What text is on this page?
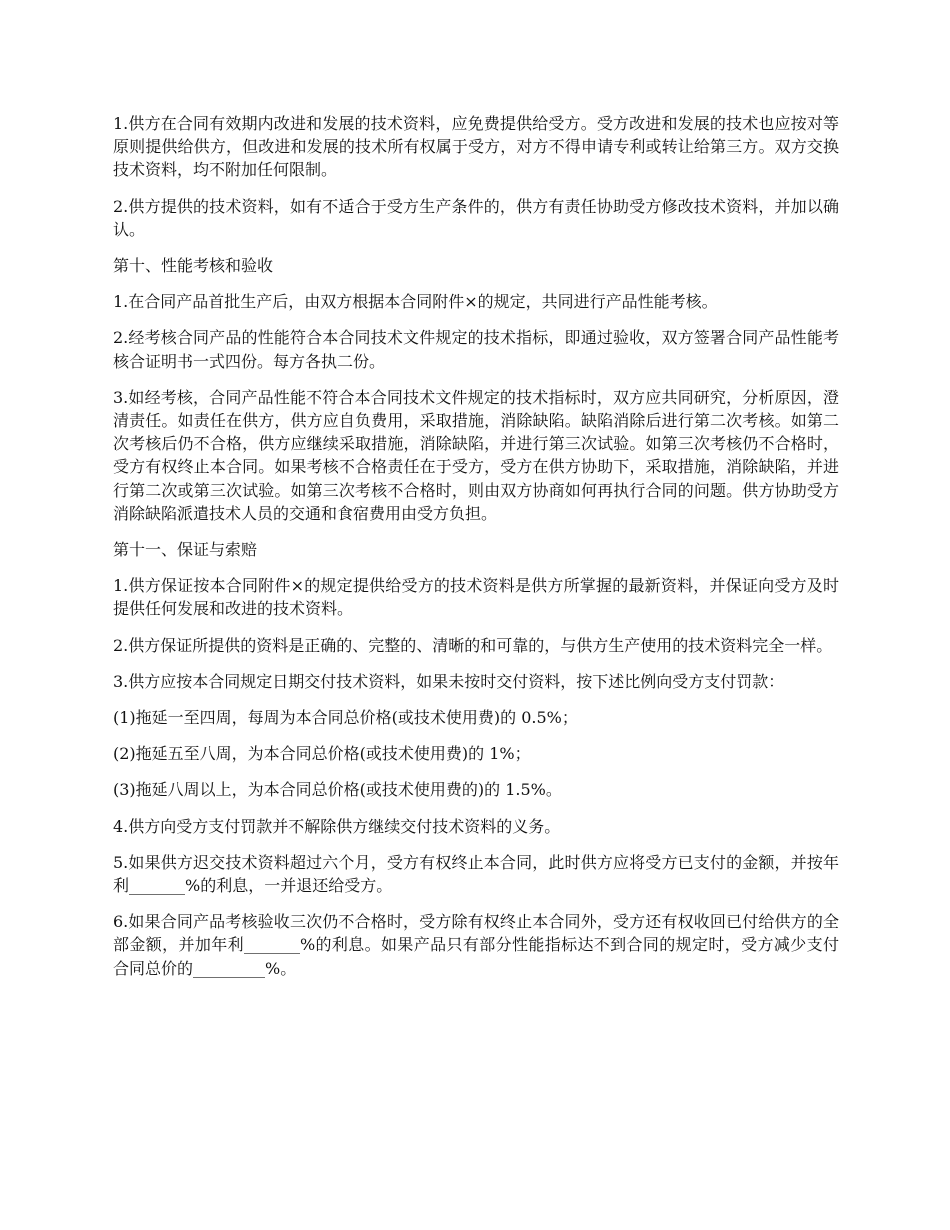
1.供方在合同有效期内改进和发展的技术资料，应免费提供给受方。受方改进和发展的技术也应按对等原则提供给供方，但改进和发展的技术所有权属于受方，对方不得申请专利或转让给第三方。双方交换技术资料，均不附加任何限制。

2.供方提供的技术资料，如有不适合于受方生产条件的，供方有责任协助受方修改技术资料，并加以确认。

第十、性能考核和验收

1.在合同产品首批生产后，由双方根据本合同附件×的规定，共同进行产品性能考核。

2.经考核合同产品的性能符合本合同技术文件规定的技术指标，即通过验收，双方签署合同产品性能考核合证明书一式四份。每方各执二份。

3.如经考核，合同产品性能不符合本合同技术文件规定的技术指标时，双方应共同研究，分析原因，澄清责任。如责任在供方，供方应自负费用，采取措施，消除缺陷。缺陷消除后进行第二次考核。如第二次考核后仍不合格，供方应继续采取措施，消除缺陷，并进行第三次试验。如第三次考核仍不合格时，受方有权终止本合同。如果考核不合格责任在于受方，受方在供方协助下，采取措施，消除缺陷，并进行第二次或第三次试验。如第三次考核不合格时，则由双方协商如何再执行合同的问题。供方协助受方消除缺陷派遣技术人员的交通和食宿费用由受方负担。

第十一、保证与索赔

1.供方保证按本合同附件×的规定提供给受方的技术资料是供方所掌握的最新资料，并保证向受方及时提供任何发展和改进的技术资料。

2.供方保证所提供的资料是正确的、完整的、清晰的和可靠的，与供方生产使用的技术资料完全一样。

3.供方应按本合同规定日期交付技术资料，如果未按时交付资料，按下述比例向受方支付罚款：

(1)拖延一至四周，每周为本合同总价格(或技术使用费)的 0.5%；

(2)拖延五至八周，为本合同总价格(或技术使用费)的 1%；

(3)拖延八周以上，为本合同总价格(或技术使用费的)的 1.5%。

4.供方向受方支付罚款并不解除供方继续交付技术资料的义务。

5.如果供方迟交技术资料超过六个月，受方有权终止本合同，此时供方应将受方已支付的金额，并按年利_______%的利息，一并退还给受方。

6.如果合同产品考核验收三次仍不合格时，受方除有权终止本合同外，受方还有权收回已付给供方的全部金额，并加年利_______%的利息。如果产品只有部分性能指标达不到合同的规定时，受方减少支付合同总价的_________%。
